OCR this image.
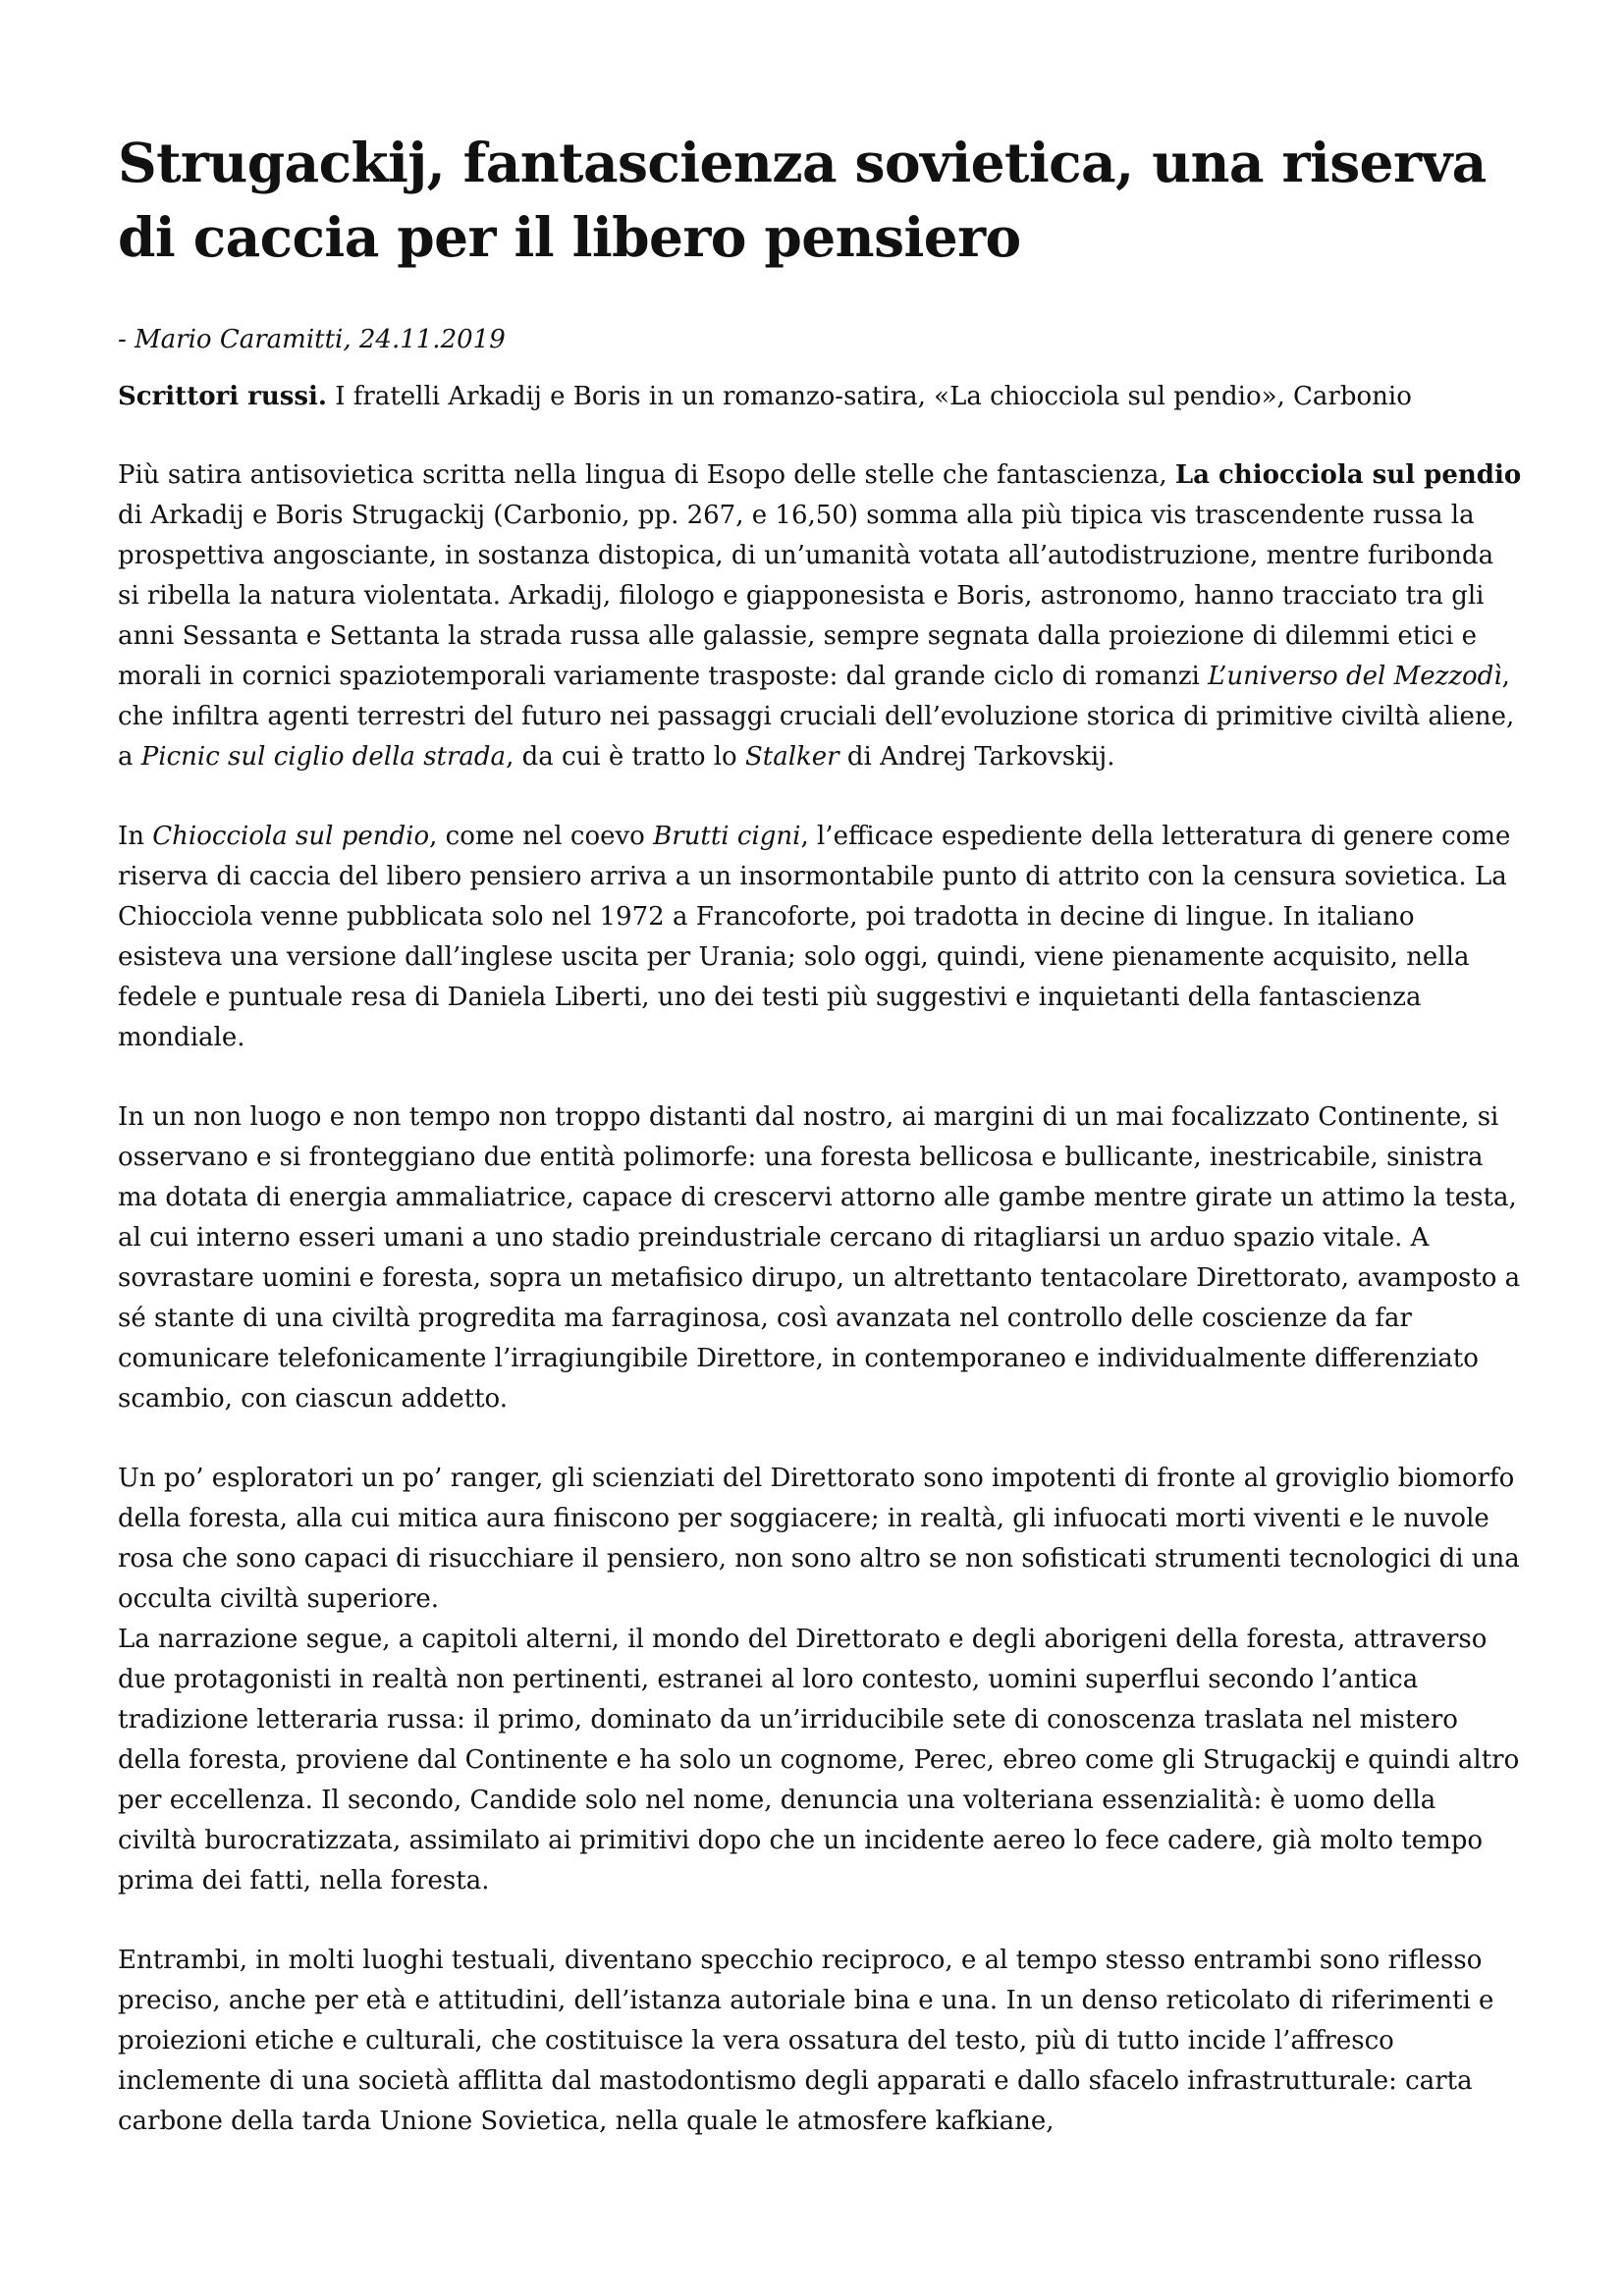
Strugackij, fantascienza sovietica, una riserva di caccia per il libero pensiero
- Mario Caramitti, 24.11.2019

Scrittori russi. I fratelli Arkadij e Boris in un romanzo-satira, «La chiocciola sul pendio», Carbonio

Più satira antisovietica scritta nella lingua di Esopo delle stelle che fantascienza, La chiocciola sul pendio di Arkadij e Boris Strugackij (Carbonio, pp. 267, e 16,50) somma alla più tipica vis trascendente russa la prospettiva angosciante, in sostanza distopica, di un’umanità votata all’autodistruzione, mentre furibonda si ribella la natura violentata. Arkadij, filologo e giapponesista e Boris, astronomo, hanno tracciato tra gli anni Sessanta e Settanta la strada russa alle galassie, sempre segnata dalla proiezione di dilemmi etici e morali in cornici spaziotemporali variamente trasposte: dal grande ciclo di romanzi L’universo del Mezzodì, che infiltra agenti terrestri del futuro nei passaggi cruciali dell’evoluzione storica di primitive civiltà aliene, a Picnic sul ciglio della strada, da cui è tratto lo Stalker di Andrej Tarkovskij.

In Chiocciola sul pendio, come nel coevo Brutti cigni, l’efficace espediente della letteratura di genere come riserva di caccia del libero pensiero arriva a un insormontabile punto di attrito con la censura sovietica. La Chiocciola venne pubblicata solo nel 1972 a Francoforte, poi tradotta in decine di lingue. In italiano esisteva una versione dall’inglese uscita per Urania; solo oggi, quindi, viene pienamente acquisito, nella fedele e puntuale resa di Daniela Liberti, uno dei testi più suggestivi e inquietanti della fantascienza mondiale.

In un non luogo e non tempo non troppo distanti dal nostro, ai margini di un mai focalizzato Continente, si osservano e si fronteggiano due entità polimorfe: una foresta bellicosa e bullicante, inestricabile, sinistra ma dotata di energia ammaliatrice, capace di crescervi attorno alle gambe mentre girate un attimo la testa, al cui interno esseri umani a uno stadio preindustriale cercano di ritagliarsi un arduo spazio vitale. A sovrastare uomini e foresta, sopra un metafisico dirupo, un altrettanto tentacolare Direttorato, avamposto a sé stante di una civiltà progredita ma farraginosa, così avanzata nel controllo delle coscienze da far comunicare telefonicamente l’irragiungibile Direttore, in contemporaneo e individualmente differenziato scambio, con ciascun addetto.

Un po’ esploratori un po’ ranger, gli scienziati del Direttorato sono impotenti di fronte al groviglio biomorfo della foresta, alla cui mitica aura finiscono per soggiacere; in realtà, gli infuocati morti viventi e le nuvole rosa che sono capaci di risucchiare il pensiero, non sono altro se non sofisticati strumenti tecnologici di una occulta civiltà superiore.

La narrazione segue, a capitoli alterni, il mondo del Direttorato e degli aborigeni della foresta, attraverso due protagonisti in realtà non pertinenti, estranei al loro contesto, uomini superflui secondo l’antica tradizione letteraria russa: il primo, dominato da un’irriducibile sete di conoscenza traslata nel mistero della foresta, proviene dal Continente e ha solo un cognome, Perec, ebreo come gli Strugackij e quindi altro per eccellenza. Il secondo, Candide solo nel nome, denuncia una volteriana essenzialità: è uomo della civiltà burocratizzata, assimilato ai primitivi dopo che un incidente aereo lo fece cadere, già molto tempo prima dei fatti, nella foresta.

Entrambi, in molti luoghi testuali, diventano specchio reciproco, e al tempo stesso entrambi sono riflesso preciso, anche per età e attitudini, dell’istanza autoriale bina e una. In un denso reticolato di riferimenti e proiezioni etiche e culturali, che costituisce la vera ossatura del testo, più di tutto incide l’affresco inclemente di una società afflitta dal mastodontismo degli apparati e dallo sfacelo infrastrutturale: carta carbone della tarda Unione Sovietica, nella quale le atmosfere kafkiane,
